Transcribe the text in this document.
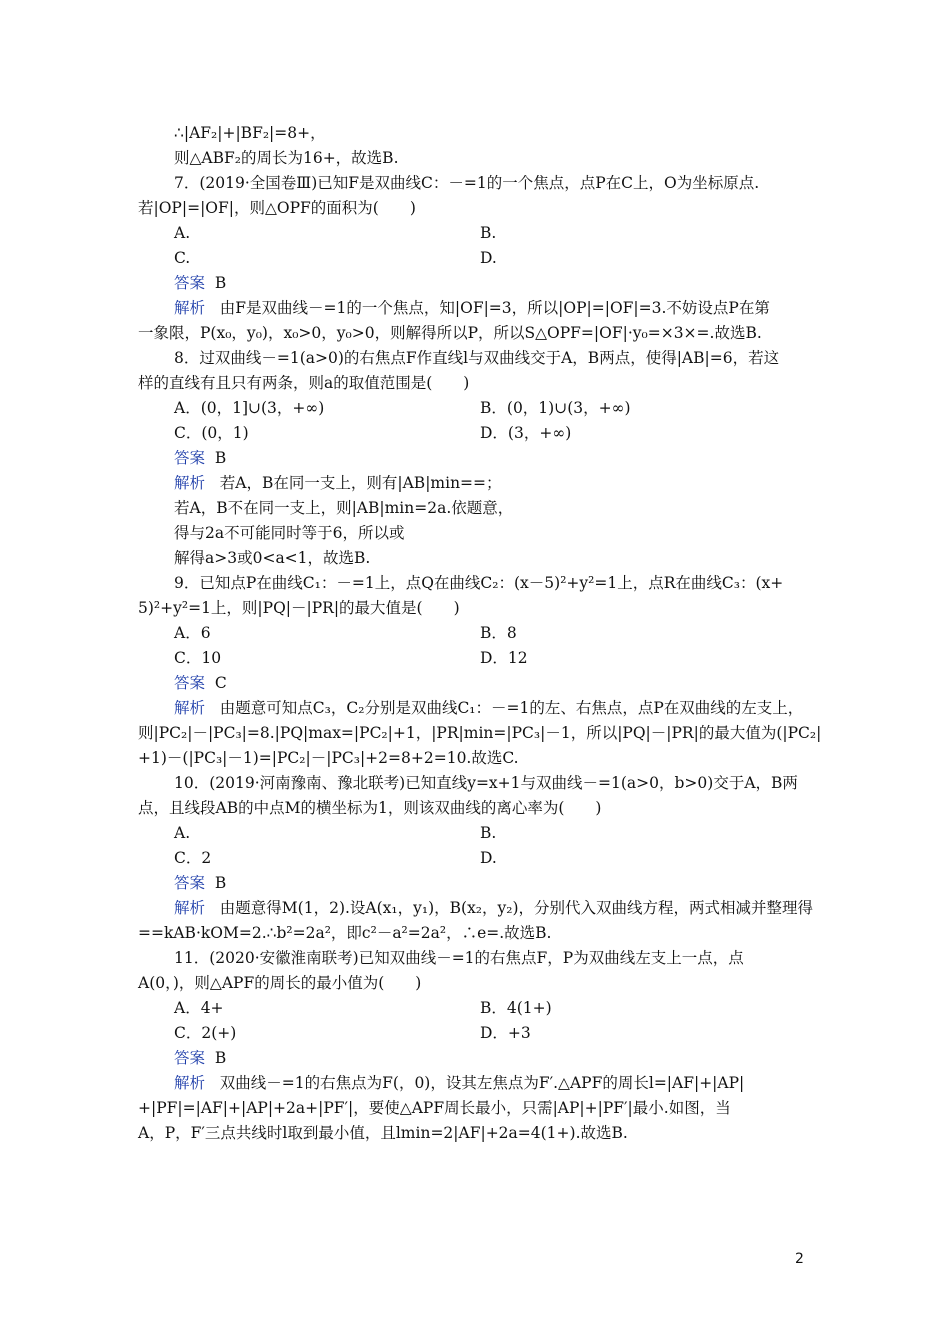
∴|AF₂|+|BF₂|=8+，
则△ABF₂的周长为16+，故选B.
7．(2019·全国卷Ⅲ)已知F是双曲线C：－=1的一个焦点，点P在C上，O为坐标原点.
若|OP|=|OF|，则△OPF的面积为(　　)
A.	B.
C.	D.
答案 B
解析 由F是双曲线－=1的一个焦点，知|OF|=3，所以|OP|=|OF|=3.不妨设点P在第
一象限，P(x₀，y₀)，x₀>0，y₀>0，则解得所以P，所以S△OPF=|OF|·y₀=×3×=.故选B.
8．过双曲线－=1(a>0)的右焦点F作直线l与双曲线交于A，B两点，使得|AB|=6，若这
样的直线有且只有两条，则a的取值范围是(　　)
A．(0，1]∪(3，+∞)	B．(0，1)∪(3，+∞)
C．(0，1)	D．(3，+∞)
答案 B
解析 若A，B在同一支上，则有|AB|min==；
若A，B不在同一支上，则|AB|min=2a.依题意，
得与2a不可能同时等于6，所以或
解得a>3或0<a<1，故选B.
9．已知点P在曲线C₁：－=1上，点Q在曲线C₂：(x－5)²+y²=1上，点R在曲线C₃：(x+
5)²+y²=1上，则|PQ|－|PR|的最大值是(　　)
A．6	B．8
C．10	D．12
答案 C
解析 由题意可知点C₃，C₂分别是双曲线C₁：－=1的左、右焦点，点P在双曲线的左支上，
则|PC₂|－|PC₃|=8.|PQ|max=|PC₂|+1，|PR|min=|PC₃|－1，所以|PQ|－|PR|的最大值为(|PC₂|
+1)－(|PC₃|－1)=|PC₂|－|PC₃|+2=8+2=10.故选C.
10．(2019·河南豫南、豫北联考)已知直线y=x+1与双曲线－=1(a>0，b>0)交于A，B两
点，且线段AB的中点M的横坐标为1，则该双曲线的离心率为(　　)
A.	B.
C．2	D.
答案 B
解析 由题意得M(1，2).设A(x₁，y₁)，B(x₂，y₂)，分别代入双曲线方程，两式相减并整理得
==kAB·kOM=2.∴b²=2a²，即c²－a²=2a²，∴e=.故选B.
11．(2020·安徽淮南联考)已知双曲线－=1的右焦点F，P为双曲线左支上一点，点
A(0，)，则△APF的周长的最小值为(　　)
A．4+	B．4(1+)
C．2(+)	D．+3
答案 B
解析 双曲线－=1的右焦点为F(，0)，设其左焦点为F′.△APF的周长l=|AF|+|AP|
+|PF|=|AF|+|AP|+2a+|PF′|，要使△APF周长最小，只需|AP|+|PF′|最小.如图，当
A，P，F′三点共线时l取到最小值，且lmin=2|AF|+2a=4(1+).故选B.
2
